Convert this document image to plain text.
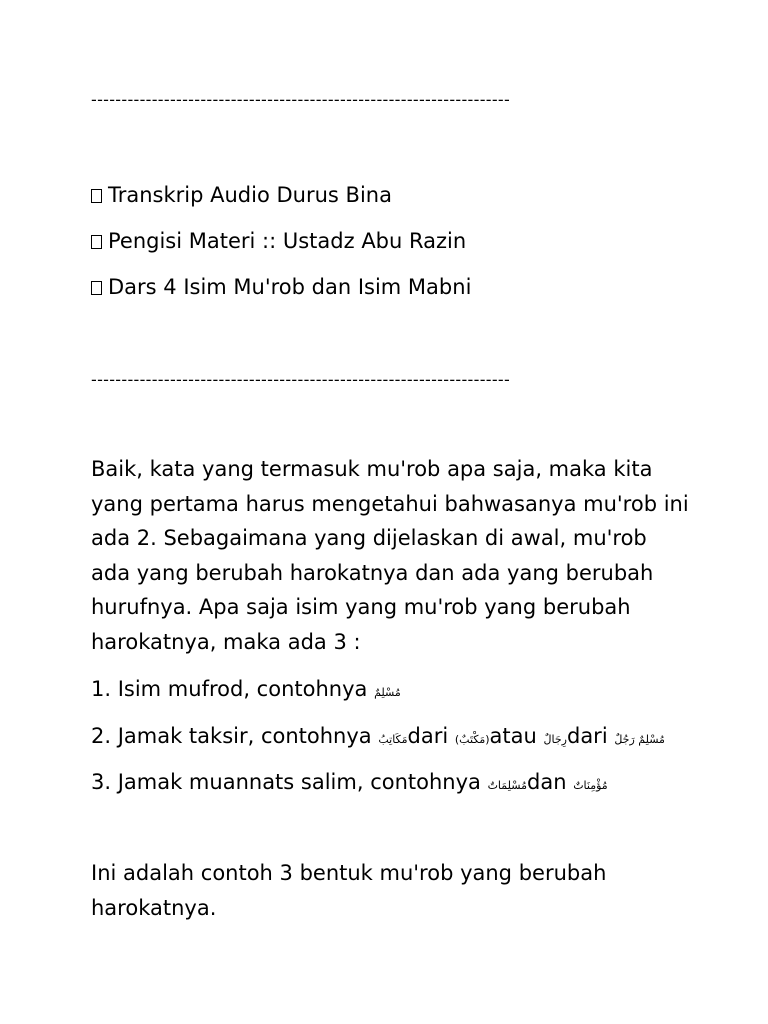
---------------------------------------------------------------------
Transkrip Audio Durus Bina
Pengisi Materi :: Ustadz Abu Razin
Dars 4 Isim Mu'rob dan Isim Mabni
---------------------------------------------------------------------
Baik, kata yang termasuk mu'rob apa saja, maka kita yang pertama harus mengetahui bahwasanya mu'rob ini ada 2. Sebagaimana yang dijelaskan di awal, mu'rob ada yang berubah harokatnya dan ada yang berubah hurufnya. Apa saja isim yang mu'rob yang berubah harokatnya, maka ada 3 :
1. Isim mufrod, contohnya مُسْلِمٌ
2. Jamak taksir, contohnya مَكَاتِبُdari (مَكْتَبٌ)atau رِجَالٌdari مُسْلِمٌ رَجُلٌ
3. Jamak muannats salim, contohnya مُسْلِمَاتٌdan مُؤْمِنَاتٌ
Ini adalah contoh 3 bentuk mu'rob yang berubah harokatnya.
